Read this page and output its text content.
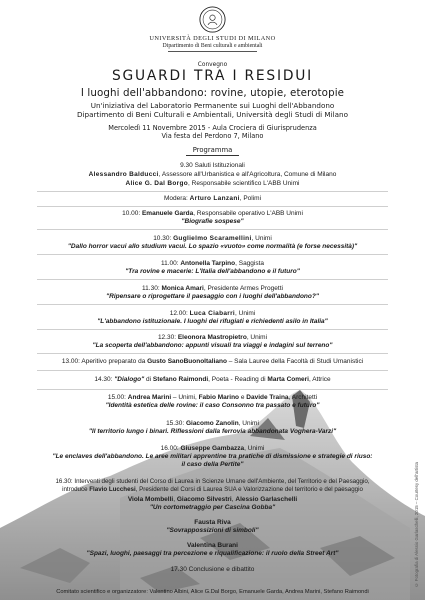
UNIVERSITÀ DEGLI STUDI DI MILANO
Dipartimento di Beni culturali e ambientali
Convegno
SGUARDI TRA I RESIDUI
I luoghi dell'abbandono: rovine, utopie, eterotopie
Un'iniziativa del Laboratorio Permanente sui Luoghi dell'Abbandono
Dipartimento di Beni Culturali e Ambientali, Università degli Studi di Milano
Mercoledì 11 Novembre 2015 - Aula Crociera di Giurisprudenza
Via festa del Perdono 7, Milano
Programma
9.30 Saluti Istituzionali
Alessandro Balducci, Assessore all'Urbanistica e all'Agricoltura, Comune di Milano
Alice G. Dal Borgo, Responsabile scientifico L'ABB Unimi
Modera: Arturo Lanzani, Polimi
10.00: Emanuele Garda, Responsabile operativo L'ABB Unimi
"Biografie sospese"
10.30: Guglielmo Scaramellini, Unimi
"Dallo horror vacui allo studium vacui. Lo spazio «vuoto» come normalità (e forse necessità)"
11.00: Antonella Tarpino, Saggista
"Tra rovine e macerie: L'Italia dell'abbandono e il futuro"
11.30: Monica Amari, Presidente Armes Progetti
"Ripensare o riprogettare il paesaggio con i luoghi dell'abbandono?"
12.00: Luca Ciabarri, Unimi
"L'abbandono istituzionale. I luoghi dei rifugiati e richiedenti asilo in Italia"
12.30: Eleonora Mastropietro, Unimi
"La scoperta dell'abbandono: appunti visuali tra viaggi e indagini sul terreno"
13.00: Aperitivo preparato da Gusto SanoBuonoItaliano – Sala Lauree della Facoltà di Studi Umanistici
14.30: "Dialogo" di Stefano Raimondi, Poeta - Reading di Marta Comeri, Attrice
15.00: Andrea Marini – Unimi, Fabio Marino e Davide Traina, Architetti
"Identità estetica delle rovine: il caso Consonno tra passato e futuro"
15.30: Giacomo Zanolin, Unimi
"Il territorio lungo i binari. Riflessioni dalla ferrovia abbandonata Voghera-Varzi"
16.00: Giuseppe Gambazza, Unimi
"Le enclaves dell'abbandono. Le aree militari apprentine tra pratiche di dismissione e strategie di riuso:
il caso della Pertite"
16.30: Interventi degli studenti del Corso di Laurea in Scienze Umane dell'Ambiente, del Territorio e del Paesaggio,
introduce Flavio Lucchesi, Presidente del Corsi di Laurea SUA e Valorizzazione del territorio e del paesaggio
Viola Mombelli, Giacomo Silvestri, Alessio Garlaschelli
"Un cortometraggio per Cascina Gobba"
Fausta Riva
"Sovrappossizioni di simboli"
Valentina Burani
"Spazi, luoghi, paesaggi tra percezione e riqualificazione: il ruolo della Street Art"
17.30 Conclusione e dibattito	© Fotografia di Alessio Garlaschelli, 2015 – Courtesy dell'artista
Comitato scientifico e organizzatore: Valentino Albini, Alice G.Dal Borgo, Emanuele Garda, Andrea Marini, Stefano Raimondi
